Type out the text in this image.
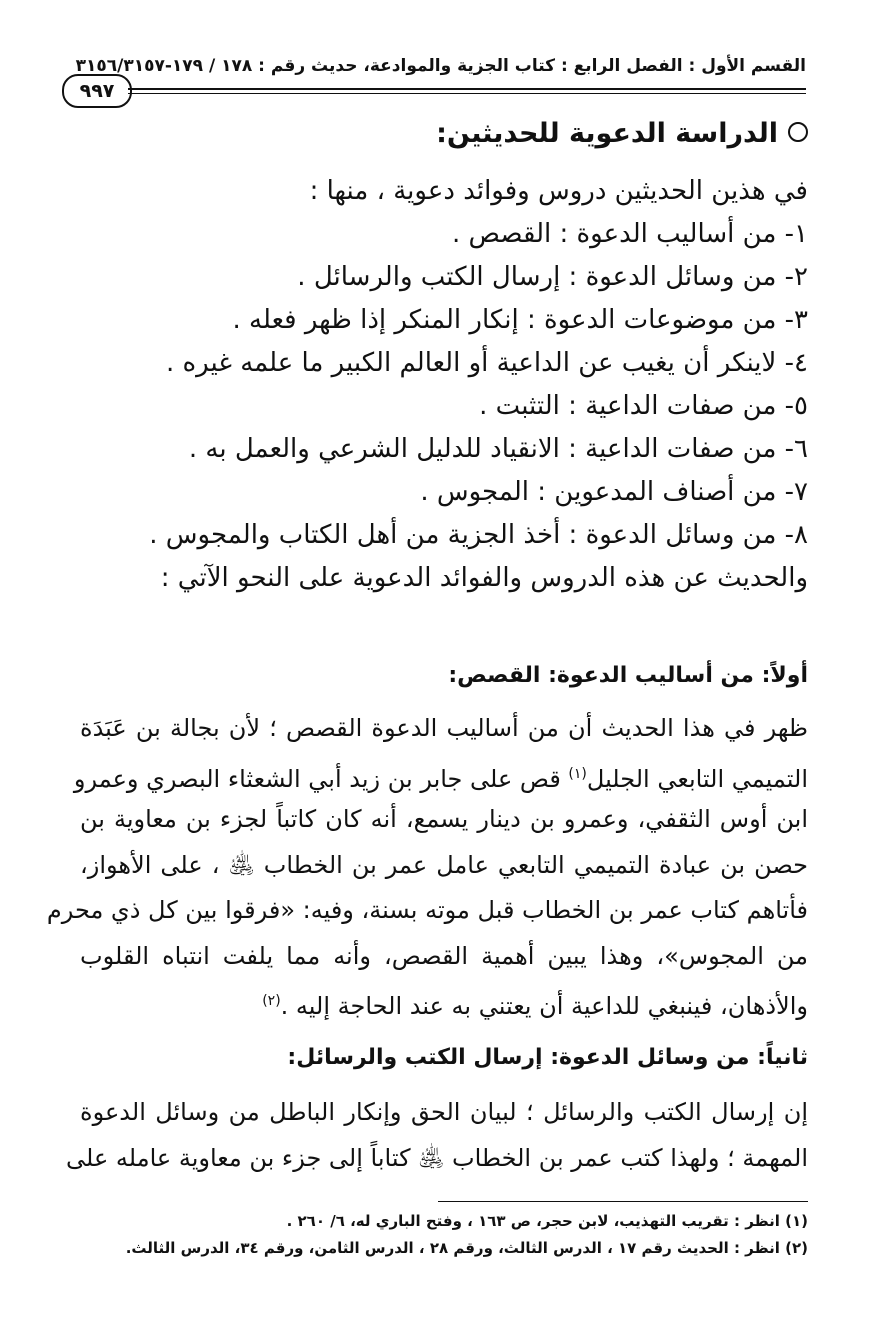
القسم الأول : الفصل الرابع : كتاب الجزية والموادعة، حديث رقم : ١٧٨ / ١٧٩-٣١٥٦/٣١٥٧
٩٩٧
الدراسة الدعوية للحديثين:
في هذين الحديثين دروس وفوائد دعوية ، منها :
١- من أساليب الدعوة : القصص .
٢- من وسائل الدعوة : إرسال الكتب والرسائل .
٣- من موضوعات الدعوة : إنكار المنكر إذا ظهر فعله .
٤- لاينكر أن يغيب عن الداعية أو العالم الكبير ما علمه غيره .
٥- من صفات الداعية : التثبت .
٦- من صفات الداعية : الانقياد للدليل الشرعي والعمل به .
٧- من أصناف المدعوين : المجوس .
٨- من وسائل الدعوة : أخذ الجزية من أهل الكتاب والمجوس .
والحديث عن هذه الدروس والفوائد الدعوية على النحو الآتي :
أولاً: من أساليب الدعوة: القصص:
ظهر في هذا الحديث أن من أساليب الدعوة القصص ؛ لأن بجالة بن عَبَدَة
التميمي التابعي الجليل$^{(١)}$ قص على جابر بن زيد أبي الشعثاء البصري وعمرو
ابن أوس الثقفي، وعمرو بن دينار يسمع، أنه كان كاتباً لجزء بن معاوية بن
حصن بن عبادة التميمي التابعي عامل عمر بن الخطاب ﵁ ، على الأهواز،
فأتاهم كتاب عمر بن الخطاب قبل موته بسنة، وفيه: «فرقوا بين كل ذي محرم
من المجوس»، وهذا يبين أهمية القصص، وأنه مما يلفت انتباه القلوب
والأذهان، فينبغي للداعية أن يعتني به عند الحاجة إليه .$^{(٢)}$
ثانياً: من وسائل الدعوة: إرسال الكتب والرسائل:
إن إرسال الكتب والرسائل ؛ لبيان الحق وإنكار الباطل من وسائل الدعوة
المهمة ؛ ولهذا كتب عمر بن الخطاب ﵁ كتاباً إلى جزء بن معاوية عامله على
(١) انظر : تقريب التهذيب، لابن حجر، ص ١٦٣ ، وفتح الباري له، ٦/ ٢٦٠ .
(٢) انظر : الحديث رقم ١٧ ، الدرس الثالث، ورقم ٢٨ ، الدرس الثامن، ورقم ٣٤، الدرس الثالث.
